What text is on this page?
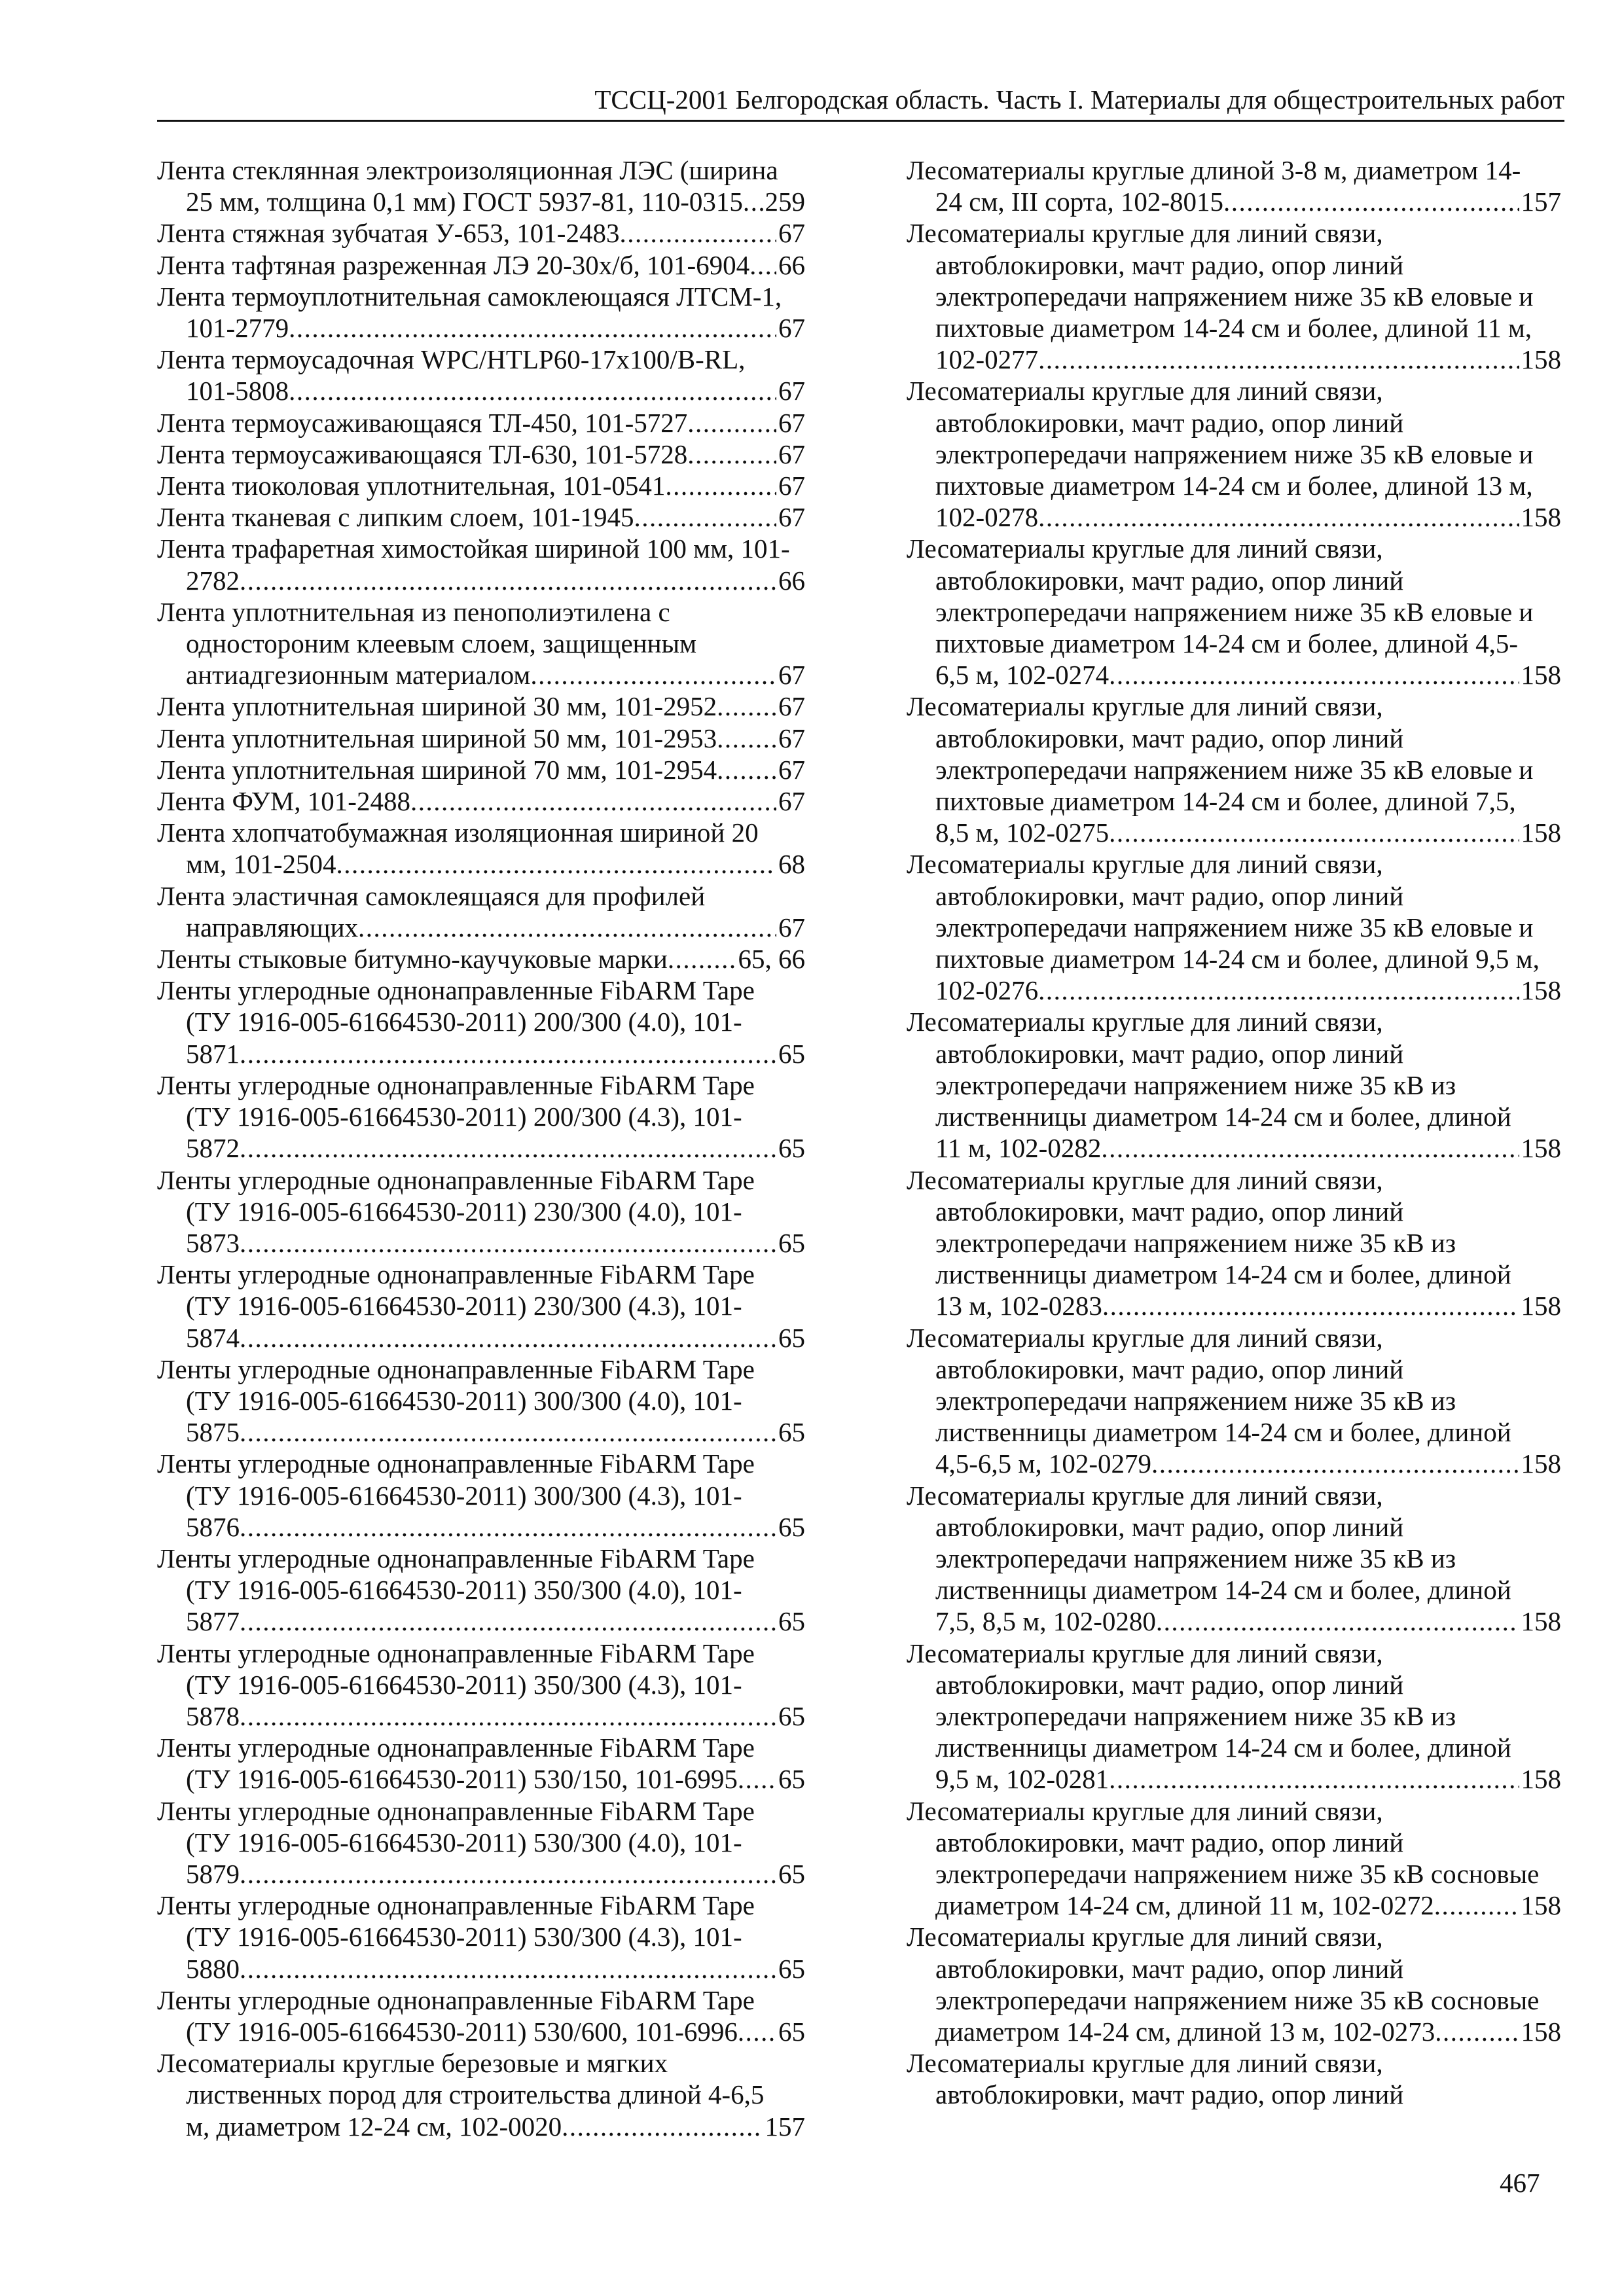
ТССЦ-2001 Белгородская область. Часть I. Материалы для общестроительных работ
Лента стеклянная электроизоляционная ЛЭС (ширина
25 мм, толщина 0,1 мм) ГОСТ 5937-81, 110-0315 ..... 259
Лента стяжная зубчатая У-653, 101-2483 .....	67
Лента тафтяная разреженная ЛЭ 20-30х/б, 101-6904 ..... 66
Лента термоуплотнительная самоклеющаяся ЛТСМ-1,
101-2779 .....	67
Лента термоусадочная WPC/HTLP60-17x100/B-RL,
101-5808 .....	67
Лента термоусаживающаяся ТЛ-450, 101-5727 .....	67
Лента термоусаживающаяся ТЛ-630, 101-5728 .....	67
Лента тиоколовая уплотнительная, 101-0541 .....	67
Лента тканевая с липким слоем, 101-1945 .....	67
Лента трафаретная химостойкая шириной 100 мм, 101-
2782 .....	66
Лента уплотнительная из пенополиэтилена с
одностороним клеевым слоем, защищенным
антиадгезионным материалом .....	67
Лента уплотнительная шириной 30 мм, 101-2952 ..... 67
Лента уплотнительная шириной 50 мм, 101-2953 ..... 67
Лента уплотнительная шириной 70 мм, 101-2954 ..... 67
Лента ФУМ, 101-2488 .....	67
Лента хлопчатобумажная изоляционная шириной 20
мм, 101-2504 .....	68
Лента эластичная самоклеящаяся для профилей
направляющих .....	67
Ленты стыковые битумно-каучуковые марки .....	65, 66
Ленты углеродные однонаправленные FibARM Tape
(ТУ 1916-005-61664530-2011) 200/300 (4.0), 101-
5871 .....	65
Ленты углеродные однонаправленные FibARM Tape
(ТУ 1916-005-61664530-2011) 200/300 (4.3), 101-
5872 .....	65
Ленты углеродные однонаправленные FibARM Tape
(ТУ 1916-005-61664530-2011) 230/300 (4.0), 101-
5873 .....	65
Ленты углеродные однонаправленные FibARM Tape
(ТУ 1916-005-61664530-2011) 230/300 (4.3), 101-
5874 .....	65
Ленты углеродные однонаправленные FibARM Tape
(ТУ 1916-005-61664530-2011) 300/300 (4.0), 101-
5875 .....	65
Ленты углеродные однонаправленные FibARM Tape
(ТУ 1916-005-61664530-2011) 300/300 (4.3), 101-
5876 .....	65
Ленты углеродные однонаправленные FibARM Tape
(ТУ 1916-005-61664530-2011) 350/300 (4.0), 101-
5877 .....	65
Ленты углеродные однонаправленные FibARM Tape
(ТУ 1916-005-61664530-2011) 350/300 (4.3), 101-
5878 .....	65
Ленты углеродные однонаправленные FibARM Tape
(ТУ 1916-005-61664530-2011) 530/150, 101-6995 ..... 65
Ленты углеродные однонаправленные FibARM Tape
(ТУ 1916-005-61664530-2011) 530/300 (4.0), 101-
5879 .....	65
Ленты углеродные однонаправленные FibARM Tape
(ТУ 1916-005-61664530-2011) 530/300 (4.3), 101-
5880 .....	65
Ленты углеродные однонаправленные FibARM Tape
(ТУ 1916-005-61664530-2011) 530/600, 101-6996 ..... 65
Лесоматериалы круглые березовые и мягких
лиственных пород для строительства длиной 4-6,5
м, диаметром 12-24 см, 102-0020 .....	157
Лесоматериалы круглые длиной 3-8 м, диаметром 14-
24 см, III сорта, 102-8015 .....	157
Лесоматериалы круглые для линий связи,
автоблокировки, мачт радио, опор линий
электропередачи напряжением ниже 35 кВ еловые и
пихтовые диаметром 14-24 см и более, длиной 11 м,
102-0277 .....	158
Лесоматериалы круглые для линий связи,
автоблокировки, мачт радио, опор линий
электропередачи напряжением ниже 35 кВ еловые и
пихтовые диаметром 14-24 см и более, длиной 13 м,
102-0278 .....	158
Лесоматериалы круглые для линий связи,
автоблокировки, мачт радио, опор линий
электропередачи напряжением ниже 35 кВ еловые и
пихтовые диаметром 14-24 см и более, длиной 4,5-
6,5 м, 102-0274 .....	158
Лесоматериалы круглые для линий связи,
автоблокировки, мачт радио, опор линий
электропередачи напряжением ниже 35 кВ еловые и
пихтовые диаметром 14-24 см и более, длиной 7,5,
8,5 м, 102-0275 .....	158
Лесоматериалы круглые для линий связи,
автоблокировки, мачт радио, опор линий
электропередачи напряжением ниже 35 кВ еловые и
пихтовые диаметром 14-24 см и более, длиной 9,5 м,
102-0276 .....	158
Лесоматериалы круглые для линий связи,
автоблокировки, мачт радио, опор линий
электропередачи напряжением ниже 35 кВ из
лиственницы диаметром 14-24 см и более, длиной
11 м, 102-0282 .....	158
Лесоматериалы круглые для линий связи,
автоблокировки, мачт радио, опор линий
электропередачи напряжением ниже 35 кВ из
лиственницы диаметром 14-24 см и более, длиной
13 м, 102-0283 .....	158
Лесоматериалы круглые для линий связи,
автоблокировки, мачт радио, опор линий
электропередачи напряжением ниже 35 кВ из
лиственницы диаметром 14-24 см и более, длиной
4,5-6,5 м, 102-0279 .....	158
Лесоматериалы круглые для линий связи,
автоблокировки, мачт радио, опор линий
электропередачи напряжением ниже 35 кВ из
лиственницы диаметром 14-24 см и более, длиной
7,5, 8,5 м, 102-0280 .....	158
Лесоматериалы круглые для линий связи,
автоблокировки, мачт радио, опор линий
электропередачи напряжением ниже 35 кВ из
лиственницы диаметром 14-24 см и более, длиной
9,5 м, 102-0281 .....	158
Лесоматериалы круглые для линий связи,
автоблокировки, мачт радио, опор линий
электропередачи напряжением ниже 35 кВ сосновые
диаметром 14-24 см, длиной 11 м, 102-0272 .....	158
Лесоматериалы круглые для линий связи,
автоблокировки, мачт радио, опор линий
электропередачи напряжением ниже 35 кВ сосновые
диаметром 14-24 см, длиной 13 м, 102-0273 .....	158
Лесоматериалы круглые для линий связи,
автоблокировки, мачт радио, опор линий
467
